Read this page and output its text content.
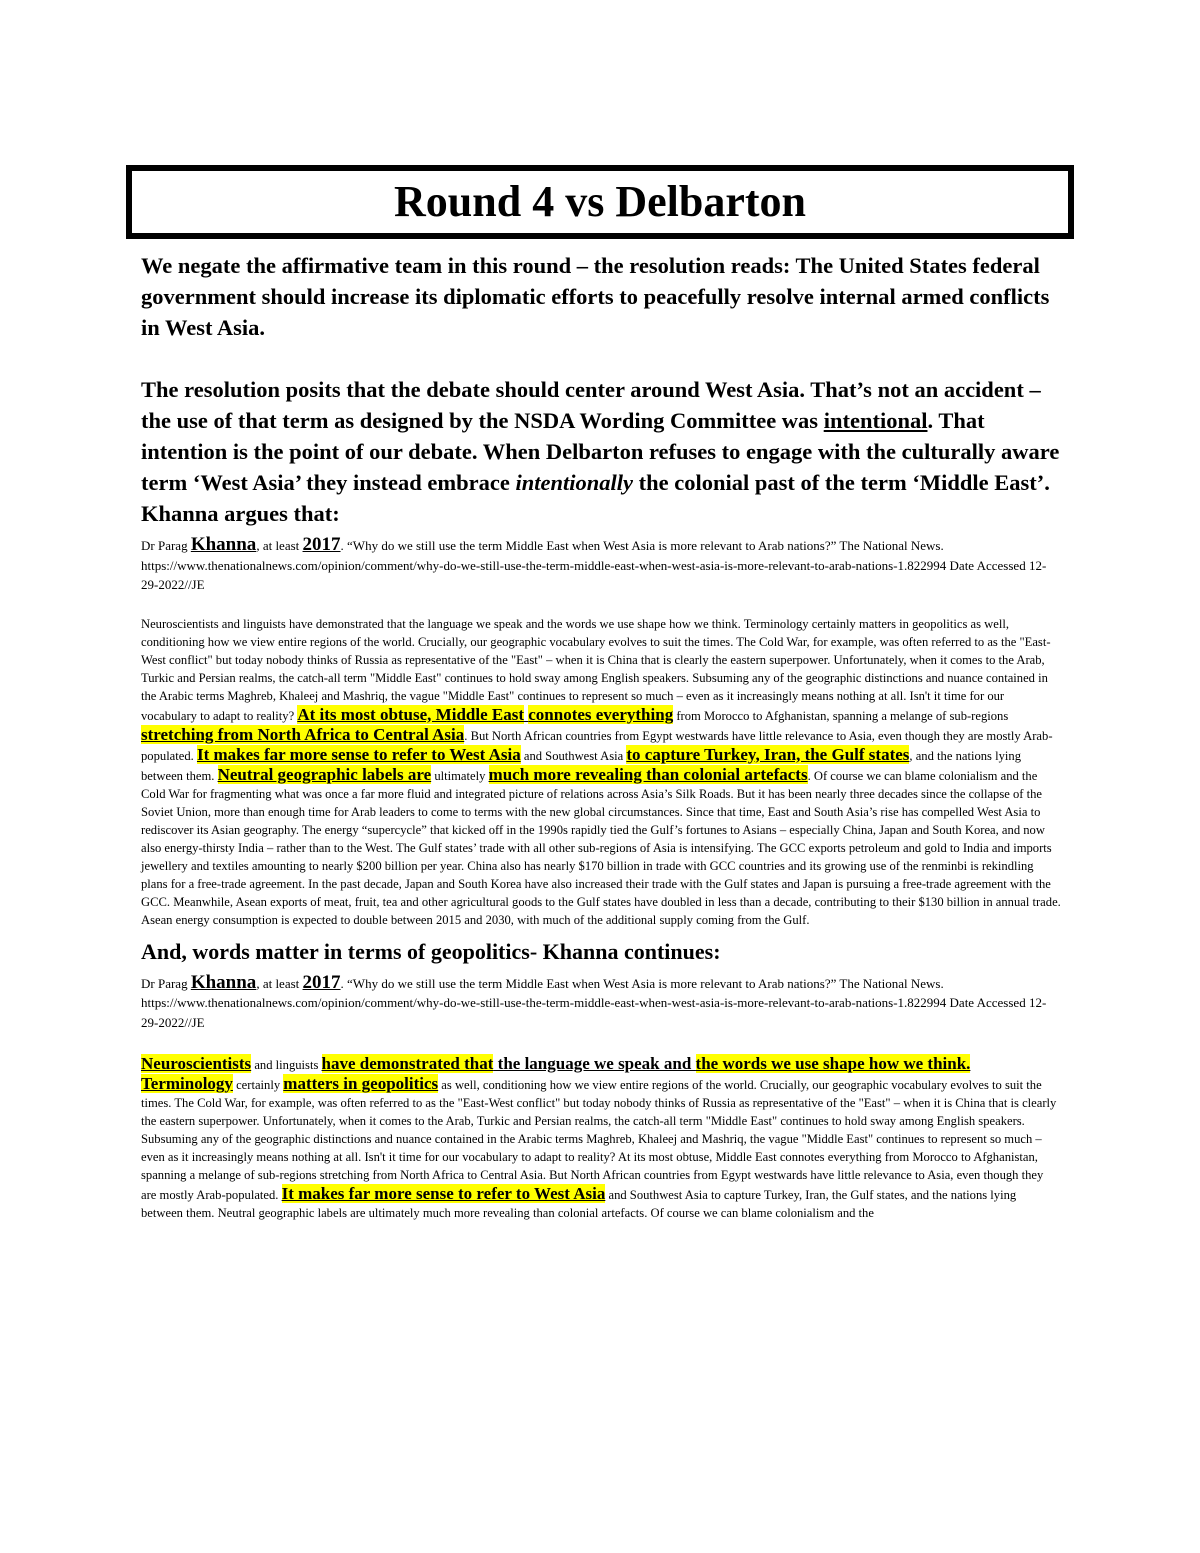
Round 4 vs Delbarton

We negate the affirmative team in this round – the resolution reads: The United States federal government should increase its diplomatic efforts to peacefully resolve internal armed conflicts in West Asia.

The resolution posits that the debate should center around West Asia. That’s not an accident – the use of that term as designed by the NSDA Wording Committee was intentional. That intention is the point of our debate. When Delbarton refuses to engage with the culturally aware term ‘West Asia’ they instead embrace intentionally the colonial past of the term ‘Middle East’. Khanna argues that:

Dr Parag Khanna, at least 2017. “Why do we still use the term Middle East when West Asia is more relevant to Arab nations?” The National News. https://www.thenationalnews.com/opinion/comment/why-do-we-still-use-the-term-middle-east-when-west-asia-is-more-relevant-to-arab-nations-1.822994 Date Accessed 12-29-2022//JE

Neuroscientists and linguists have demonstrated that the language we speak and the words we use shape how we think. Terminology certainly matters in geopolitics as well, conditioning how we view entire regions of the world. Crucially, our geographic vocabulary evolves to suit the times. The Cold War, for example, was often referred to as the "East-West conflict" but today nobody thinks of Russia as representative of the "East" – when it is China that is clearly the eastern superpower. Unfortunately, when it comes to the Arab, Turkic and Persian realms, the catch-all term "Middle East" continues to hold sway among English speakers. Subsuming any of the geographic distinctions and nuance contained in the Arabic terms Maghreb, Khaleej and Mashriq, the vague "Middle East" continues to represent so much – even as it increasingly means nothing at all. Isn't it time for our vocabulary to adapt to reality? At its most obtuse, Middle East connotes everything from Morocco to Afghanistan, spanning a melange of sub-regions stretching from North Africa to Central Asia. But North African countries from Egypt westwards have little relevance to Asia, even though they are mostly Arab-populated. It makes far more sense to refer to West Asia and Southwest Asia to capture Turkey, Iran, the Gulf states, and the nations lying between them. Neutral geographic labels are ultimately much more revealing than colonial artefacts. Of course we can blame colonialism and the Cold War for fragmenting what was once a far more fluid and integrated picture of relations across Asia’s Silk Roads. But it has been nearly three decades since the collapse of the Soviet Union, more than enough time for Arab leaders to come to terms with the new global circumstances. Since that time, East and South Asia’s rise has compelled West Asia to rediscover its Asian geography. The energy “supercycle” that kicked off in the 1990s rapidly tied the Gulf’s fortunes to Asians – especially China, Japan and South Korea, and now also energy-thirsty India – rather than to the West. The Gulf states’ trade with all other sub-regions of Asia is intensifying. The GCC exports petroleum and gold to India and imports jewellery and textiles amounting to nearly $200 billion per year. China also has nearly $170 billion in trade with GCC countries and its growing use of the renminbi is rekindling plans for a free-trade agreement. In the past decade, Japan and South Korea have also increased their trade with the Gulf states and Japan is pursuing a free-trade agreement with the GCC. Meanwhile, Asean exports of meat, fruit, tea and other agricultural goods to the Gulf states have doubled in less than a decade, contributing to their $130 billion in annual trade. Asean energy consumption is expected to double between 2015 and 2030, with much of the additional supply coming from the Gulf.

And, words matter in terms of geopolitics- Khanna continues:

Dr Parag Khanna, at least 2017. “Why do we still use the term Middle East when West Asia is more relevant to Arab nations?” The National News. https://www.thenationalnews.com/opinion/comment/why-do-we-still-use-the-term-middle-east-when-west-asia-is-more-relevant-to-arab-nations-1.822994 Date Accessed 12-29-2022//JE

Neuroscientists and linguists have demonstrated that the language we speak and the words we use shape how we think. Terminology certainly matters in geopolitics as well, conditioning how we view entire regions of the world. Crucially, our geographic vocabulary evolves to suit the times. The Cold War, for example, was often referred to as the "East-West conflict" but today nobody thinks of Russia as representative of the "East" – when it is China that is clearly the eastern superpower. Unfortunately, when it comes to the Arab, Turkic and Persian realms, the catch-all term "Middle East" continues to hold sway among English speakers. Subsuming any of the geographic distinctions and nuance contained in the Arabic terms Maghreb, Khaleej and Mashriq, the vague "Middle East" continues to represent so much – even as it increasingly means nothing at all. Isn't it time for our vocabulary to adapt to reality? At its most obtuse, Middle East connotes everything from Morocco to Afghanistan, spanning a melange of sub-regions stretching from North Africa to Central Asia. But North African countries from Egypt westwards have little relevance to Asia, even though they are mostly Arab-populated. It makes far more sense to refer to West Asia and Southwest Asia to capture Turkey, Iran, the Gulf states, and the nations lying between them. Neutral geographic labels are ultimately much more revealing than colonial artefacts. Of course we can blame colonialism and the
